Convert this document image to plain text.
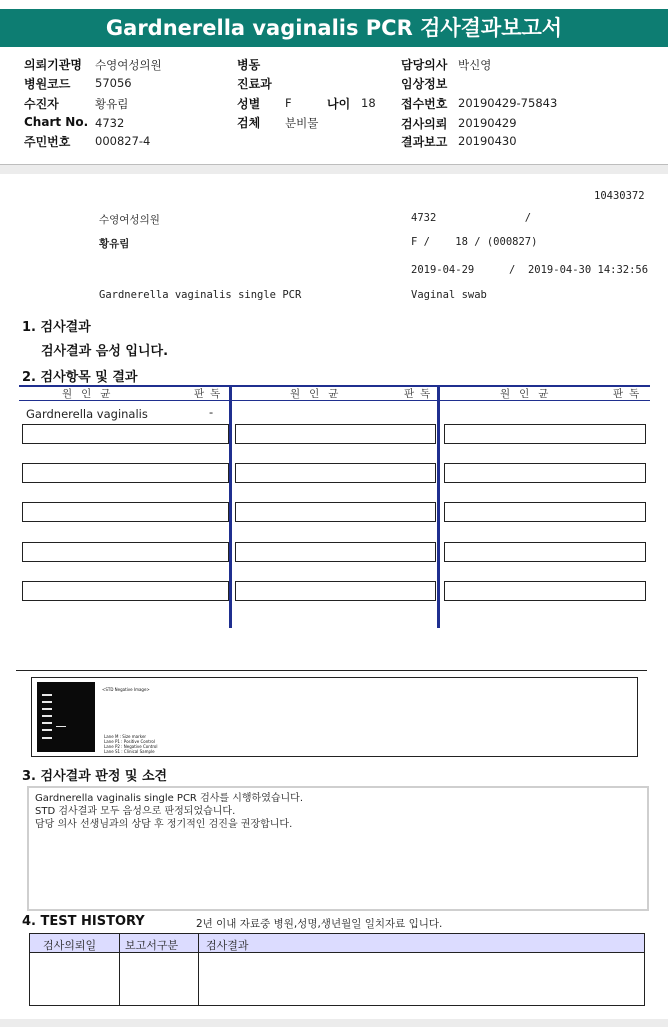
Gardnerella vaginalis PCR 검사결과보고서
의뢰기관명 수영여성의원
병원코드 57056
수진자	황유림
Chart No. 4732
주민번호 000827-4
병동
진료과
성별 F	나이 18
검체 분비물
담당의사 박신영
임상정보
접수번호 20190429-75843
검사의뢰 20190429
결과보고 20190430
10430372
수영여성의원	4732              /
황유림	F /    18 / (000827)
2019-04-29	/  2019-04-30 14:32:56
Gardnerella vaginalis single PCR	Vaginal swab
1. 검사결과
검사결과 음성 입니다.
2. 검사항목 및 결과
원인균	판독	원인균	판독	원인균	판독
Gardnerella vaginalis	-
<STD Negative Image>
Lane M : Size marker
Lane P1 : Positive Control
Lane P2 : Negative Control
Lane S1 : Clinical Sample
3. 검사결과 판정 및 소견
Gardnerella vaginalis single PCR 검사를 시행하였습니다.
STD 검사결과 모두 음성으로 판정되었습니다.
담당 의사 선생님과의 상담 후 정기적인 검진을 권장합니다.
4. TEST HISTORY	2년 이내 자료중 병원,성명,생년월일 일치자료 입니다.
검사의뢰일	보고서구분	검사결과
